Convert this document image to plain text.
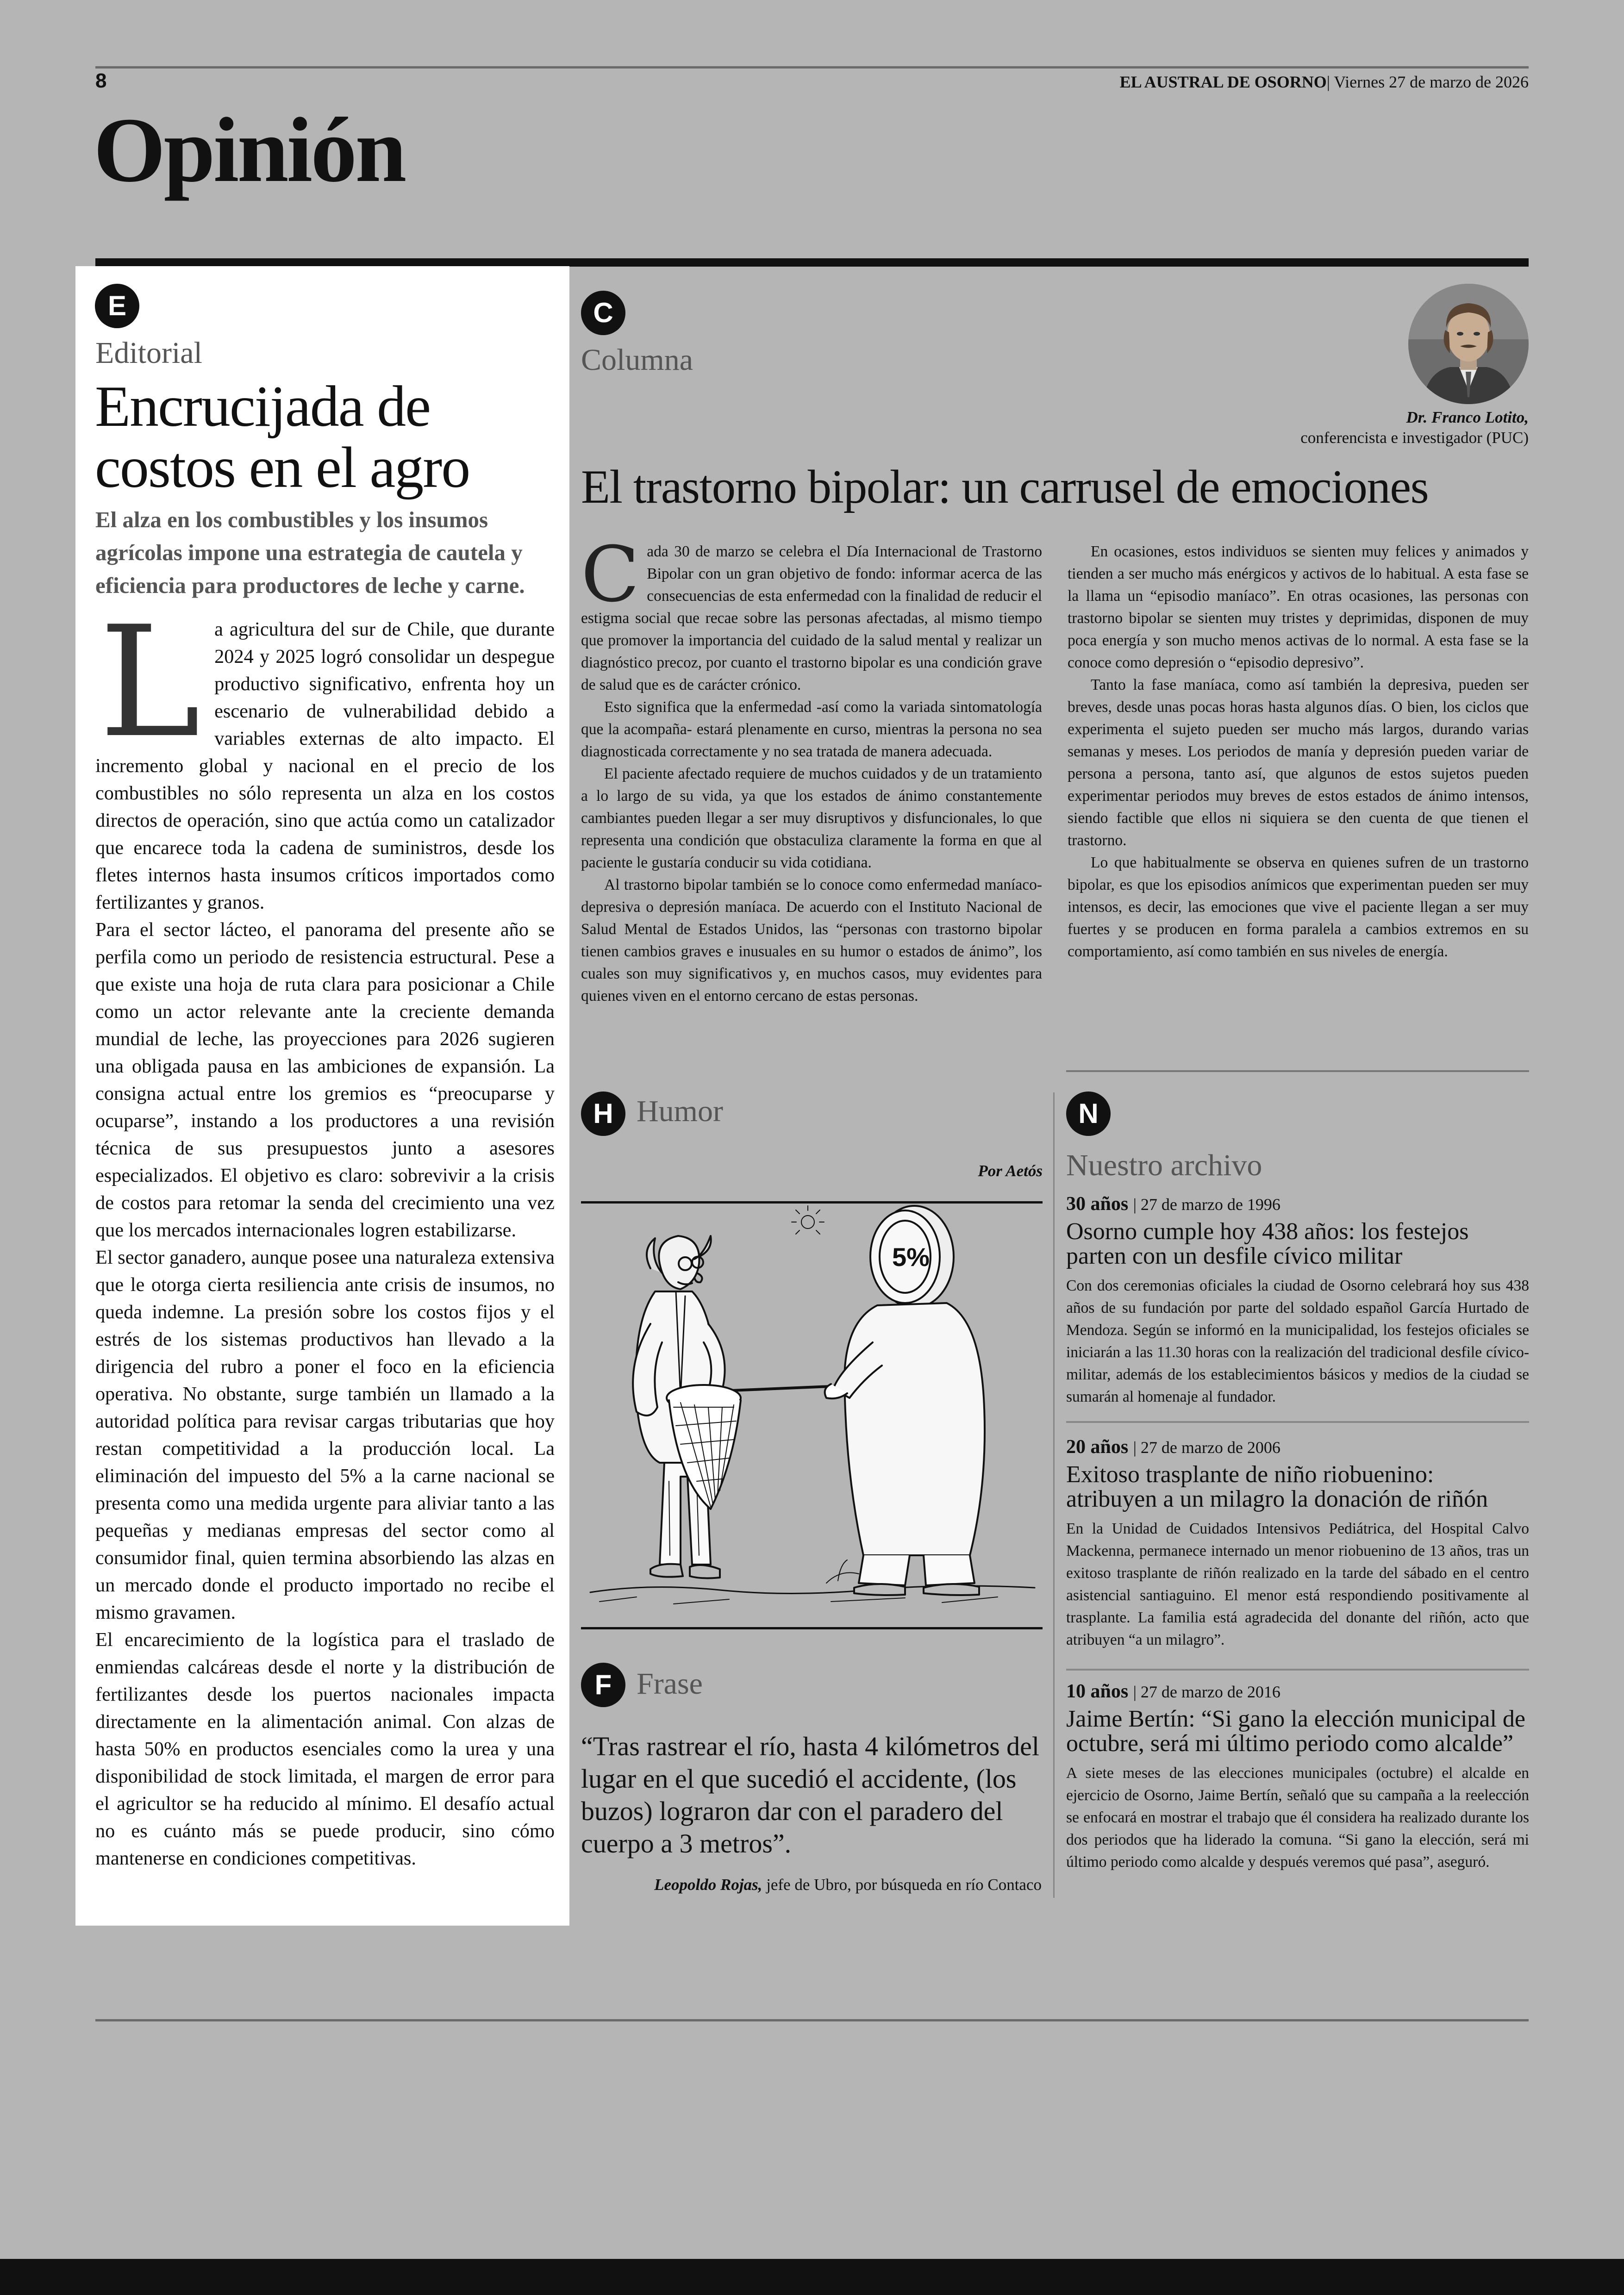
8	EL AUSTRAL DE OSORNO| Viernes 27 de marzo de 2026
Opinión
E
Editorial
Encrucijada de costos en el agro

El alza en los combustibles y los insumos agrícolas impone una estrategia de cautela y eficiencia para productores de leche y carne.

L a agricultura del sur de Chile, que durante 2024 y 2025 logró consolidar un despegue productivo significativo, enfrenta hoy un escenario de vulnerabilidad debido a variables externas de alto impacto. El incremento global y nacional en el precio de los combustibles no sólo representa un alza en los costos directos de operación, sino que actúa como un catalizador que encarece toda la cadena de suministros, desde los fletes internos hasta insumos críticos importados como fertilizantes y granos.

Para el sector lácteo, el panorama del presente año se perfila como un periodo de resistencia estructural. Pese a que existe una hoja de ruta clara para posicionar a Chile como un actor relevante ante la creciente demanda mundial de leche, las proyecciones para 2026 sugieren una obligada pausa en las ambiciones de expansión. La consigna actual entre los gremios es “preocuparse y ocuparse”, instando a los productores a una revisión técnica de sus presupuestos junto a asesores especializados. El objetivo es claro: sobrevivir a la crisis de costos para retomar la senda del crecimiento una vez que los mercados internacionales logren estabilizarse.

El sector ganadero, aunque posee una naturaleza extensiva que le otorga cierta resiliencia ante crisis de insumos, no queda indemne. La presión sobre los costos fijos y el estrés de los sistemas productivos han llevado a la dirigencia del rubro a poner el foco en la eficiencia operativa. No obstante, surge también un llamado a la autoridad política para revisar cargas tributarias que hoy restan competitividad a la producción local. La eliminación del impuesto del 5% a la carne nacional se presenta como una medida urgente para aliviar tanto a las pequeñas y medianas empresas del sector como al consumidor final, quien termina absorbiendo las alzas en un mercado donde el producto importado no recibe el mismo gravamen.

El encarecimiento de la logística para el traslado de enmiendas calcáreas desde el norte y la distribución de fertilizantes desde los puertos nacionales impacta directamente en la alimentación animal. Con alzas de hasta 50% en productos esenciales como la urea y una disponibilidad de stock limitada, el margen de error para el agricultor se ha reducido al mínimo. El desafío actual no es cuánto más se puede producir, sino cómo mantenerse en condiciones competitivas.

C
Columna
Dr. Franco Lotito,
conferencista e investigador (PUC)
El trastorno bipolar: un carrusel de emociones

Cada 30 de marzo se celebra el Día Internacional de Trastorno Bipolar con un gran objetivo de fondo: informar acerca de las consecuencias de esta enfermedad con la finalidad de reducir el estigma social que recae sobre las personas afectadas, al mismo tiempo que promover la importancia del cuidado de la salud mental y realizar un diagnóstico precoz, por cuanto el trastorno bipolar es una condición grave de salud que es de carácter crónico.

Esto significa que la enfermedad -así como la variada sintomatología que la acompaña- estará plenamente en curso, mientras la persona no sea diagnosticada correctamente y no sea tratada de manera adecuada.

El paciente afectado requiere de muchos cuidados y de un tratamiento a lo largo de su vida, ya que los estados de ánimo constantemente cambiantes pueden llegar a ser muy disruptivos y disfuncionales, lo que representa una condición que obstaculiza claramente la forma en que al paciente le gustaría conducir su vida cotidiana.

Al trastorno bipolar también se lo conoce como enfermedad maníaco-depresiva o depresión maníaca. De acuerdo con el Instituto Nacional de Salud Mental de Estados Unidos, las “personas con trastorno bipolar tienen cambios graves e inusuales en su humor o estados de ánimo”, los cuales son muy significativos y, en muchos casos, muy evidentes para quienes viven en el entorno cercano de estas personas.

En ocasiones, estos individuos se sienten muy felices y animados y tienden a ser mucho más enérgicos y activos de lo habitual. A esta fase se la llama un “episodio maníaco”. En otras ocasiones, las personas con trastorno bipolar se sienten muy tristes y deprimidas, disponen de muy poca energía y son mucho menos activas de lo normal. A esta fase se la conoce como depresión o “episodio depresivo”.

Tanto la fase maníaca, como así también la depresiva, pueden ser breves, desde unas pocas horas hasta algunos días. O bien, los ciclos que experimenta el sujeto pueden ser mucho más largos, durando varias semanas y meses. Los periodos de manía y depresión pueden variar de persona a persona, tanto así, que algunos de estos sujetos pueden experimentar periodos muy breves de estos estados de ánimo intensos, siendo factible que ellos ni siquiera se den cuenta de que tienen el trastorno.

Lo que habitualmente se observa en quienes sufren de un trastorno bipolar, es que los episodios anímicos que experimentan pueden ser muy intensos, es decir, las emociones que vive el paciente llegan a ser muy fuertes y se producen en forma paralela a cambios extremos en su comportamiento, así como también en sus niveles de energía.

H Humor
Por Aetós
5%
F Frase

“Tras rastrear el río, hasta 4 kilómetros del lugar en el que sucedió el accidente, (los buzos) lograron dar con el paradero del cuerpo a 3 metros”.

Leopoldo Rojas, jefe de Ubro, por búsqueda en río Contaco
N
Nuestro archivo
30 años | 27 de marzo de 1996
Osorno cumple hoy 438 años: los festejos parten con un desfile cívico militar

Con dos ceremonias oficiales la ciudad de Osorno celebrará hoy sus 438 años de su fundación por parte del soldado español García Hurtado de Mendoza. Según se informó en la municipalidad, los festejos oficiales se iniciarán a las 11.30 horas con la realización del tradicional desfile cívico-militar, además de los establecimientos básicos y medios de la ciudad se sumarán al homenaje al fundador.

20 años | 27 de marzo de 2006
Exitoso trasplante de niño riobuenino: atribuyen a un milagro la donación de riñón

En la Unidad de Cuidados Intensivos Pediátrica, del Hospital Calvo Mackenna, permanece internado un menor riobuenino de 13 años, tras un exitoso trasplante de riñón realizado en la tarde del sábado en el centro asistencial santiaguino. El menor está respondiendo positivamente al trasplante. La familia está agradecida del donante del riñón, acto que atribuyen “a un milagro”.

10 años | 27 de marzo de 2016
Jaime Bertín: “Si gano la elección municipal de octubre, será mi último periodo como alcalde”

A siete meses de las elecciones municipales (octubre) el alcalde en ejercicio de Osorno, Jaime Bertín, señaló que su campaña a la reelección se enfocará en mostrar el trabajo que él considera ha realizado durante los dos periodos que ha liderado la comuna. “Si gano la elección, será mi último periodo como alcalde y después veremos qué pasa”, aseguró.
